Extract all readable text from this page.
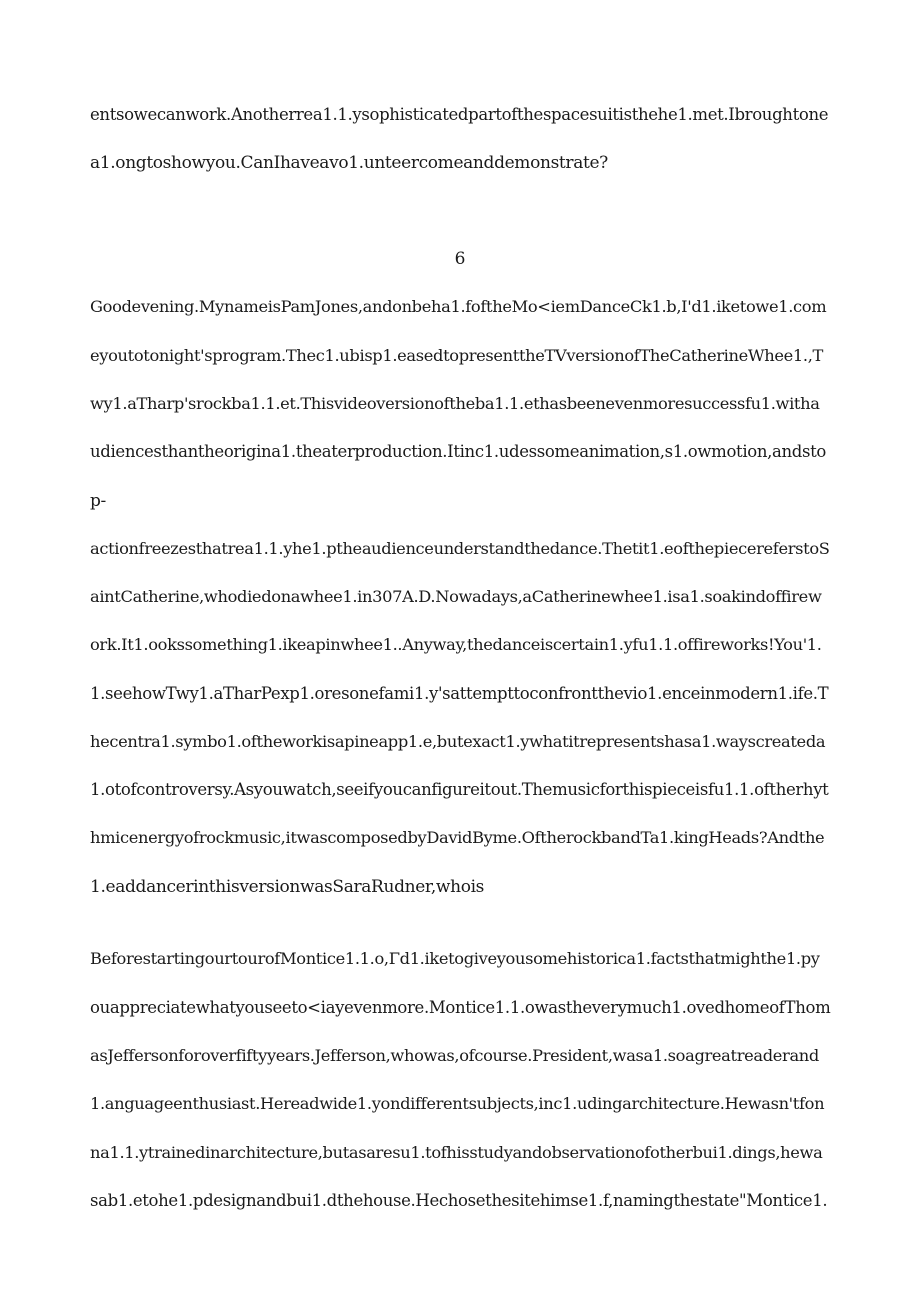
entsowecanwork.Anotherrea1.1.ysophisticatedpartofthespacesuitisthehe1.met.Ibroughtone
a1.ongtoshowyou.CanIhaveavo1.unteercomeanddemonstrate?
6
Goodevening.MynameisPamJones,andonbeha1.foftheMo<iemDanceCk1.b,I'd1.iketowe1.com
eyoutotonight'sprogram.Thec1.ubisp1.easedtopresenttheTVversionofTheCatherineWhee1.,T
wy1.aTharp'srockba1.1.et.Thisvideoversionoftheba1.1.ethasbeenevenmoresuccessfu1.witha
udiencesthantheorigina1.theaterproduction.Itinc1.udessomeanimation,s1.owmotion,andsto
p-
actionfreezesthatrea1.1.yhe1.ptheaudienceunderstandthedance.Thetit1.eofthepiecereferstoS
aintCatherine,whodiedonawhee1.in307A.D.Nowadays,aCatherinewhee1.isa1.soakindoffirew
ork.It1.ookssomething1.ikeapinwhee1..Anyway,thedanceiscertain1.yfu1.1.offireworks!You'1.
1.seehowTwy1.aTharPexp1.oresonefami1.y'sattempttoconfronttheviо1.enceinmodern1.ife.T
hecentra1.symbo1.oftheworkisapineapp1.e,butexact1.ywhatitrepresentshasa1.wayscreateda
1.otofcontroversy.Asyouwatch,seeifyoucanfigureitout.Themusicforthispieceisfu1.1.oftherhyt
hmicenergyofrockmusic,itwascomposedbyDavidByme.OftherockbandTa1.kingHeads?Andthe
1.eaddancerinthisversionwasSaraRudner,whois
BeforestartingourtourofMontice1.1.o,Γd1.iketogiveyousomehistorica1.factsthatmighthe1.py
ouappreciatewhatyouseeto<iayevenmore.Montice1.1.owastheverymuch1.ovedhomeofThom
asJeffersonforoverfiftyyears.Jefferson,whowas,ofcourse.President,wasa1.soagreatreaderand
1.anguageenthusiast.Hereadwide1.yondifferentsubjects,inc1.udingarchitecture.Hewasn'tfon
na1.1.ytrainedinarchitecture,butasaresu1.tofhisstudyandobservationofotherbui1.dings,hewa
sab1.etohe1.pdesignandbui1.dthehouse.Hechosethesitehimse1.f,namingthestate"Montice1.
